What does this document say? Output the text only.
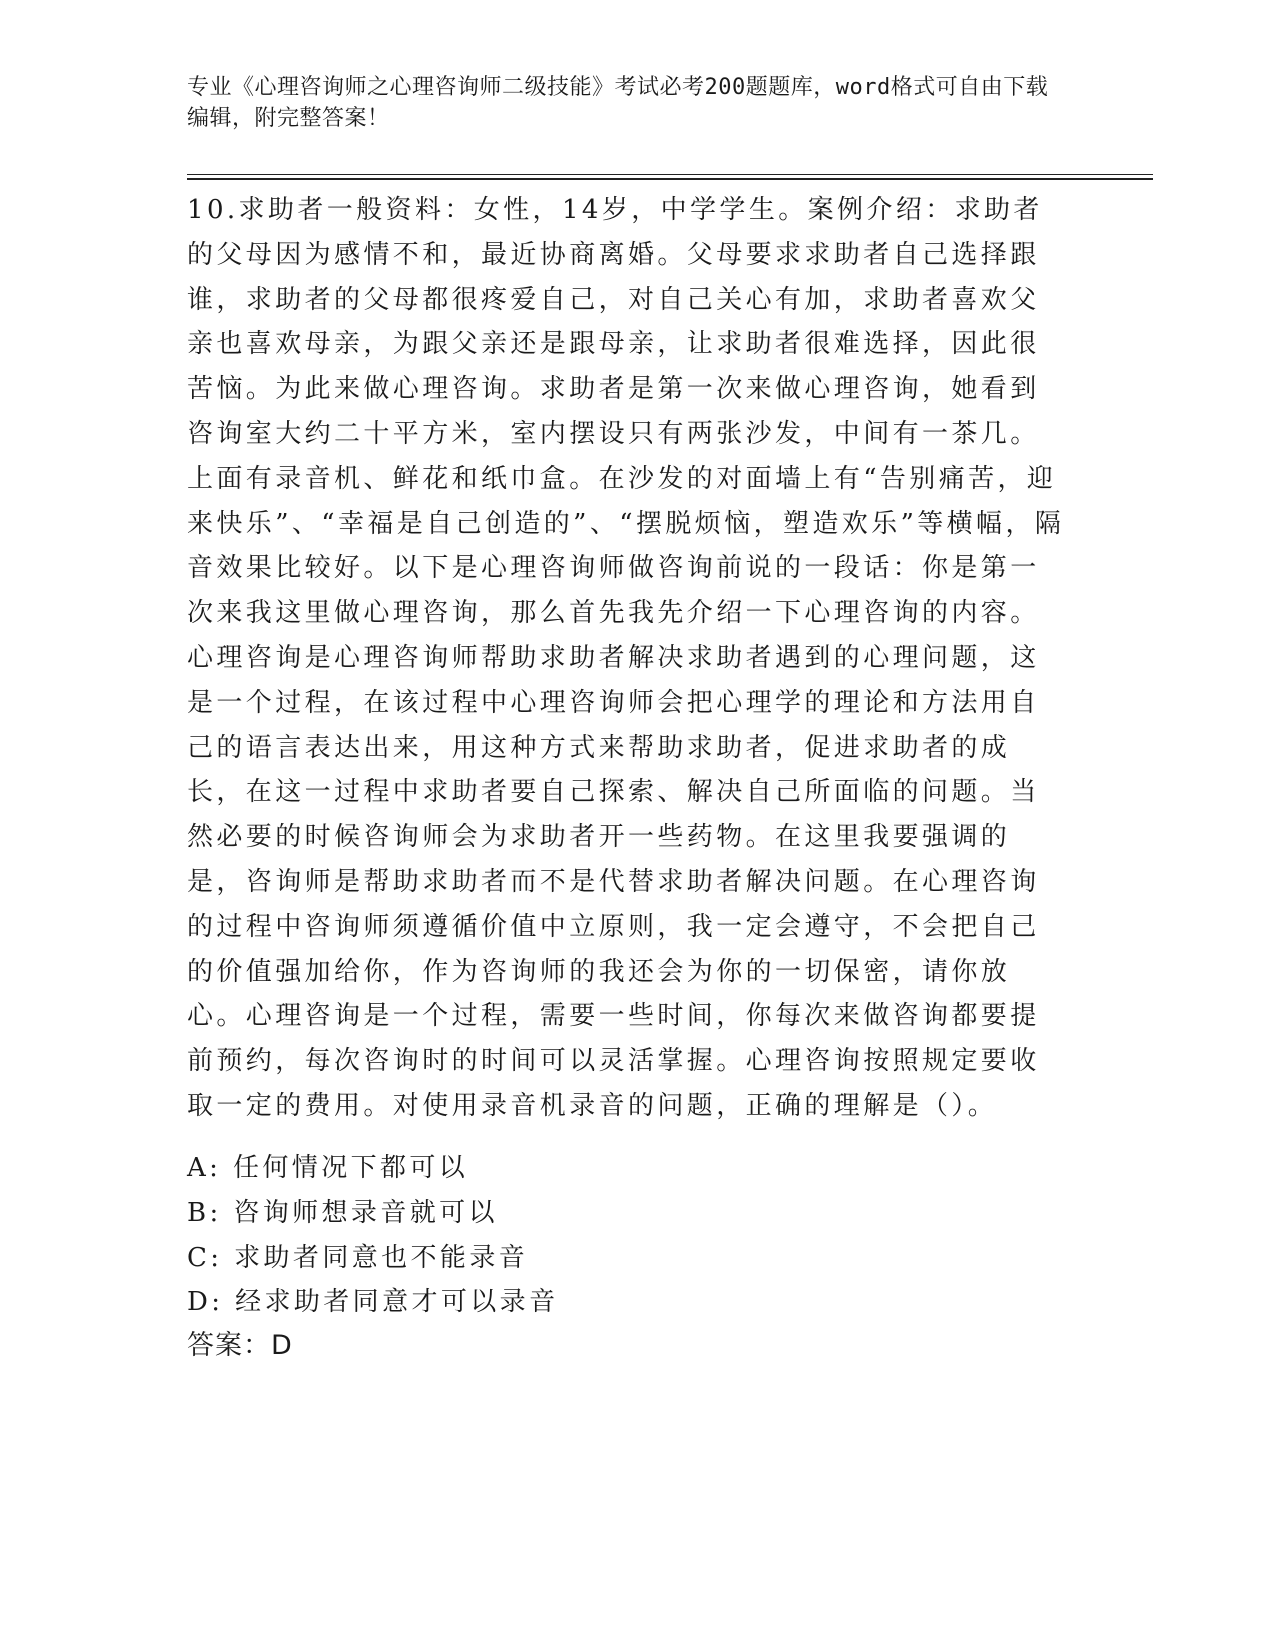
专业《心理咨询师之心理咨询师二级技能》考试必考200题题库，word格式可自由下载编辑，附完整答案！
10.求助者一般资料：女性，14岁，中学学生。案例介绍：求助者的父母因为感情不和，最近协商离婚。父母要求求助者自己选择跟谁，求助者的父母都很疼爱自己，对自己关心有加，求助者喜欢父亲也喜欢母亲，为跟父亲还是跟母亲，让求助者很难选择，因此很苦恼。为此来做心理咨询。求助者是第一次来做心理咨询，她看到咨询室大约二十平方米，室内摆设只有两张沙发，中间有一茶几。上面有录音机、鲜花和纸巾盒。在沙发的对面墙上有“告别痛苦，迎来快乐”、“幸福是自己创造的”、“摆脱烦恼，塑造欢乐”等横幅，隔音效果比较好。以下是心理咨询师做咨询前说的一段话：你是第一次来我这里做心理咨询，那么首先我先介绍一下心理咨询的内容。心理咨询是心理咨询师帮助求助者解决求助者遇到的心理问题，这是一个过程，在该过程中心理咨询师会把心理学的理论和方法用自己的语言表达出来，用这种方式来帮助求助者，促进求助者的成长，在这一过程中求助者要自己探索、解决自己所面临的问题。当然必要的时候咨询师会为求助者开一些药物。在这里我要强调的是，咨询师是帮助求助者而不是代替求助者解决问题。在心理咨询的过程中咨询师须遵循价值中立原则，我一定会遵守，不会把自己的价值强加给你，作为咨询师的我还会为你的一切保密，请你放心。心理咨询是一个过程，需要一些时间，你每次来做咨询都要提前预约，每次咨询时的时间可以灵活掌握。心理咨询按照规定要收取一定的费用。对使用录音机录音的问题，正确的理解是（）。
A: 任何情况下都可以
B: 咨询师想录音就可以
C: 求助者同意也不能录音
D: 经求助者同意才可以录音
答案：D
